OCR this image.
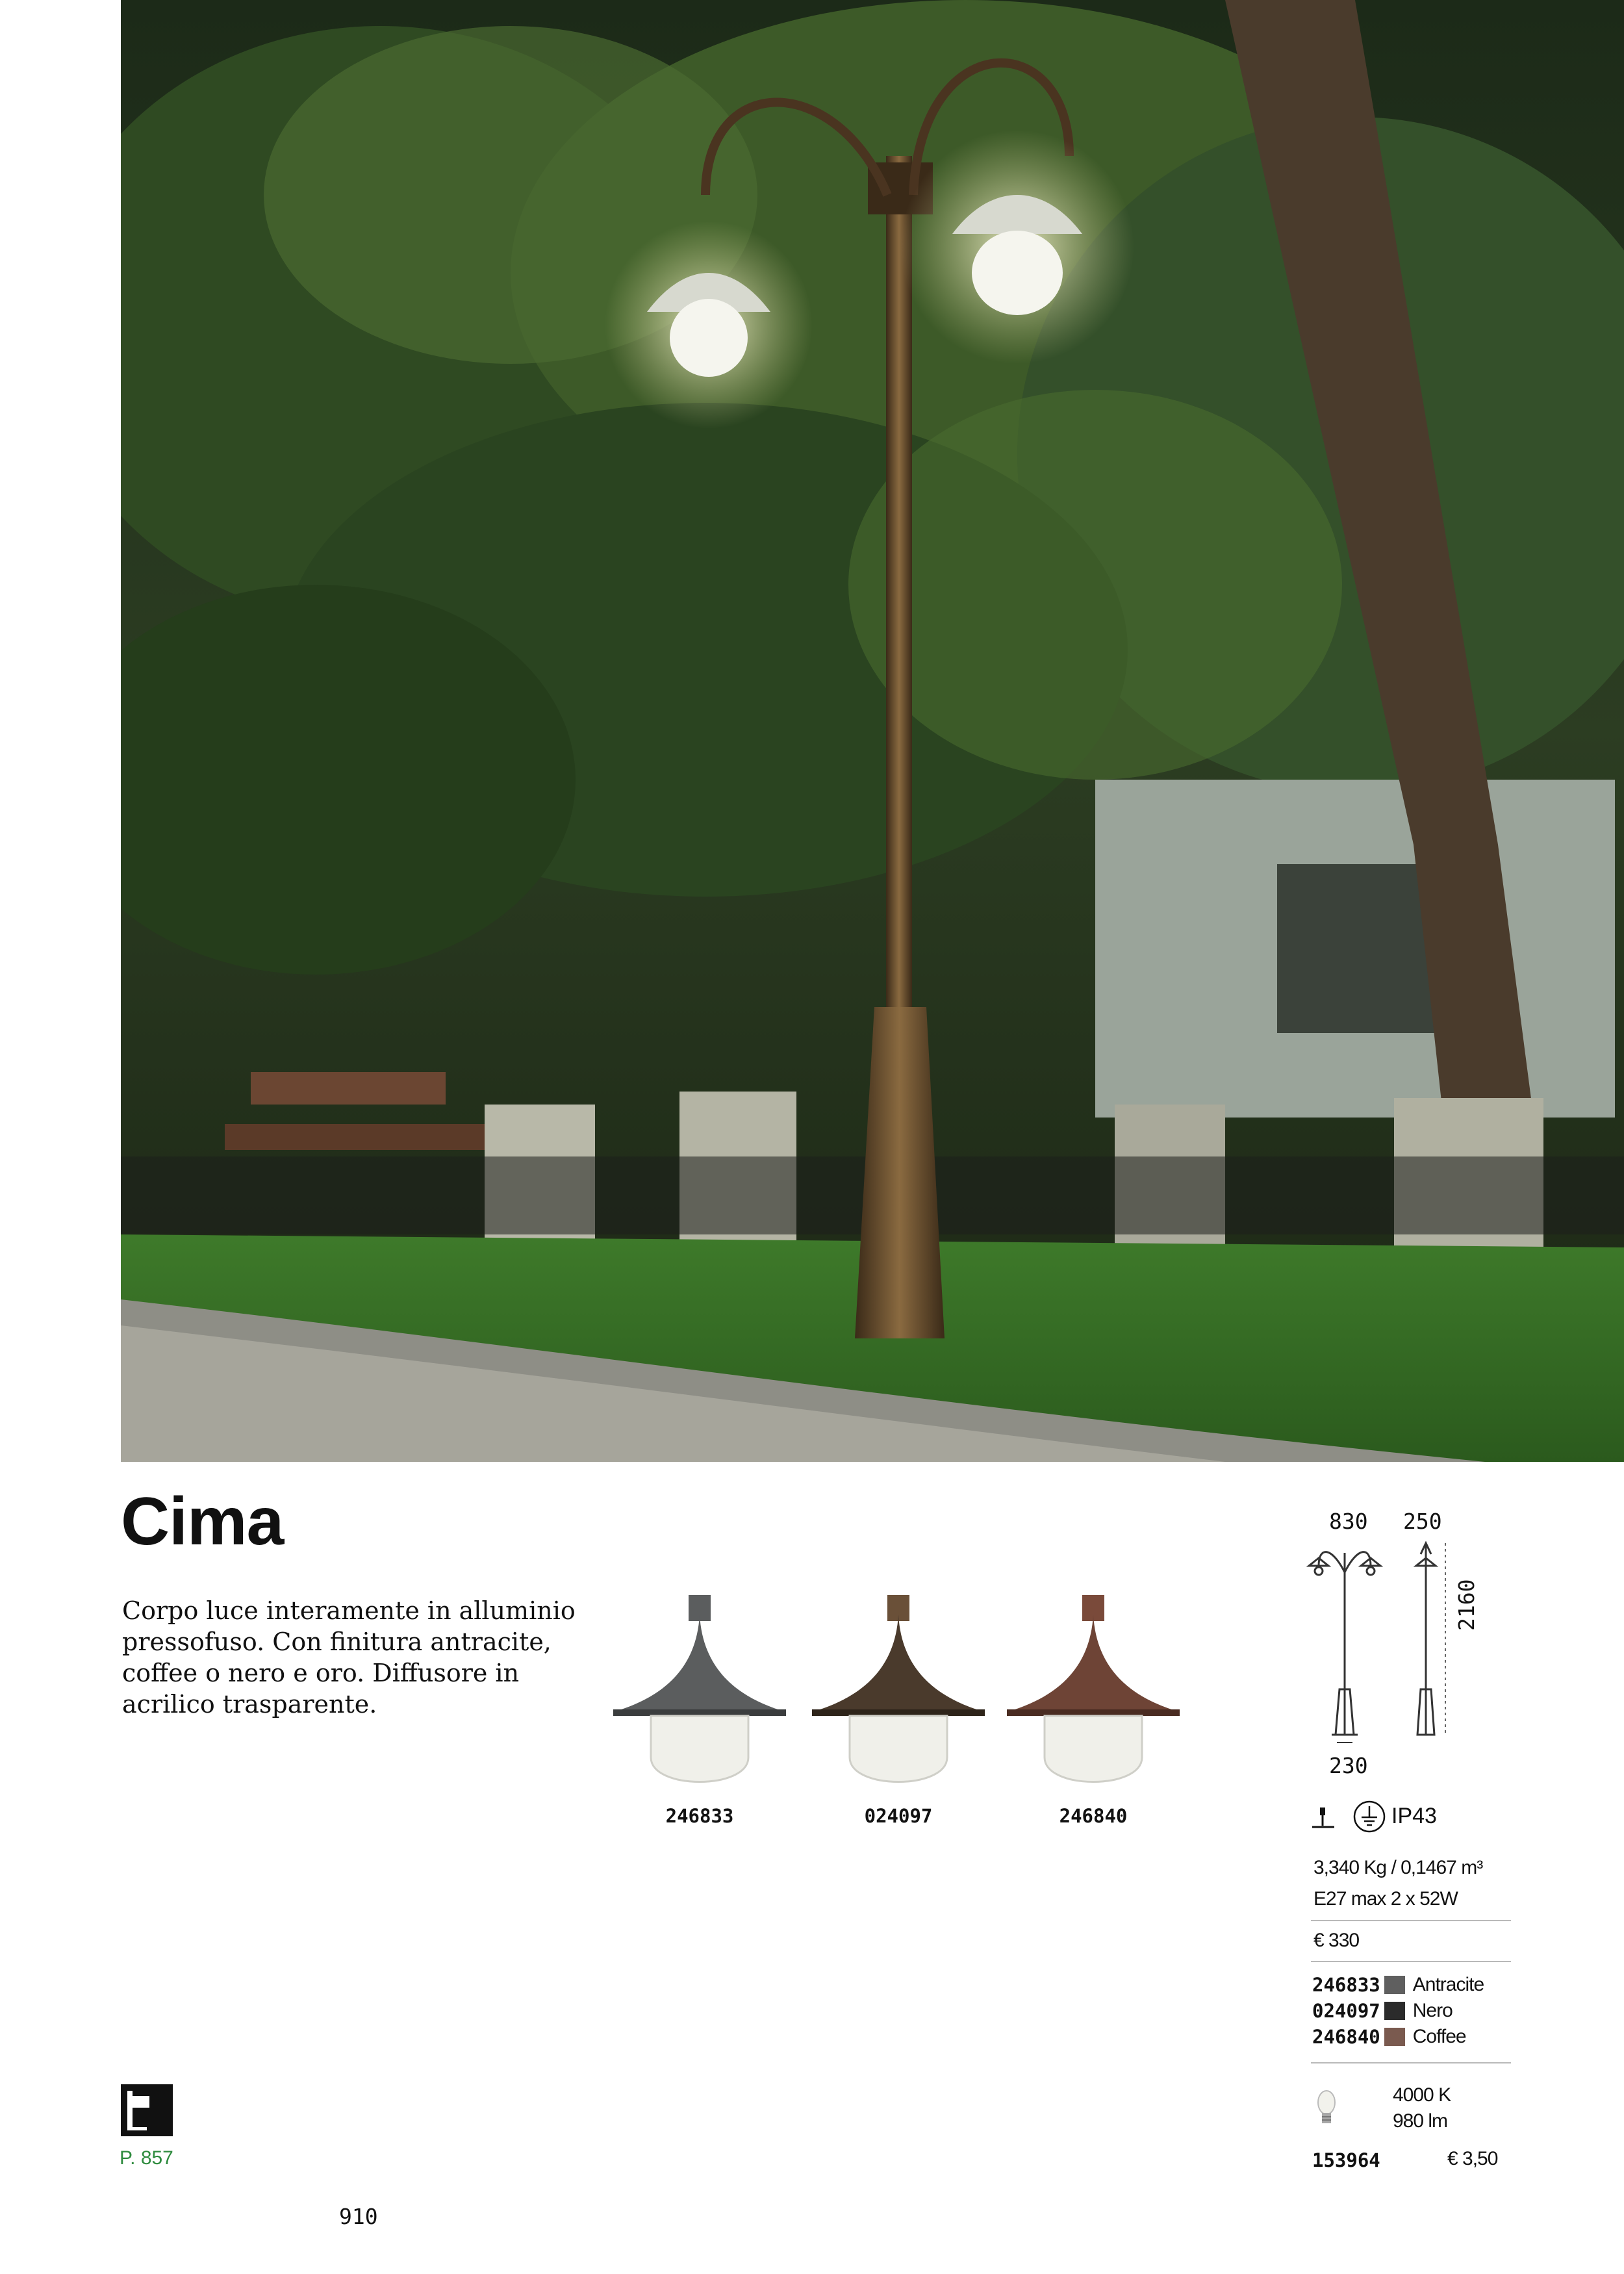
Cima
Corpo luce interamente in alluminio pressofuso. Con finitura antracite, coffee o nero e oro. Diffusore in acrilico trasparente.
246833	024097	246840
830 250
2160
230
IP43
3,340 Kg / 0,1467 m³
E27 max 2 x 52W
€ 330
246833 Antracite
024097 Nero
246840 Coffee
4000 K
980 lm
153964	€ 3,50
P. 857
910
